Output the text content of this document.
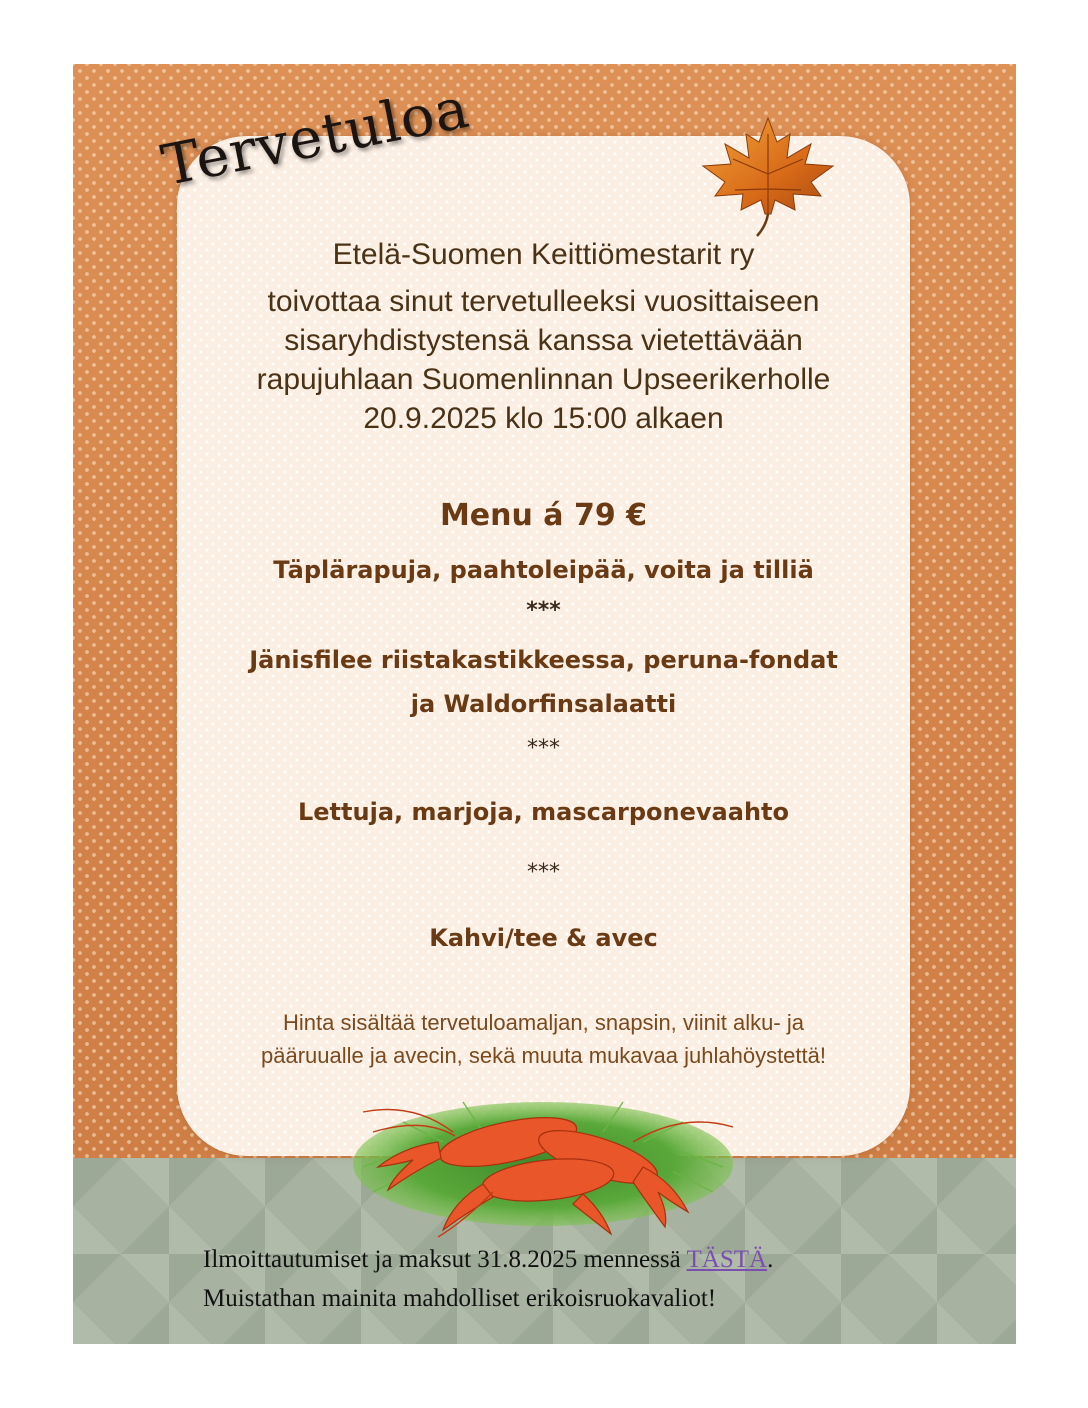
Tervetuloa
Etelä-Suomen Keittiömestarit ry
toivottaa sinut tervetulleeksi vuosittaiseen
sisaryhdistystensä kanssa vietettävään
rapujuhlaan Suomenlinnan Upseerikerholle
20.9.2025 klo 15:00 alkaen
Menu á 79 €
Täplärapuja, paahtoleipää, voita ja tilliä
***
Jänisfilee riistakastikkeessa, peruna-fondat
ja Waldorfinsalaatti
***
Lettuja, marjoja, mascarponevaahto
***
Kahvi/tee & avec
Hinta sisältää tervetuloamaljan, snapsin, viinit alku- ja
pääruualle ja avecin, sekä muuta mukavaa juhlahöystettä!
Ilmoittautumiset ja maksut 31.8.2025 mennessä TÄSTÄ.
Muistathan mainita mahdolliset erikoisruokavaliot!
